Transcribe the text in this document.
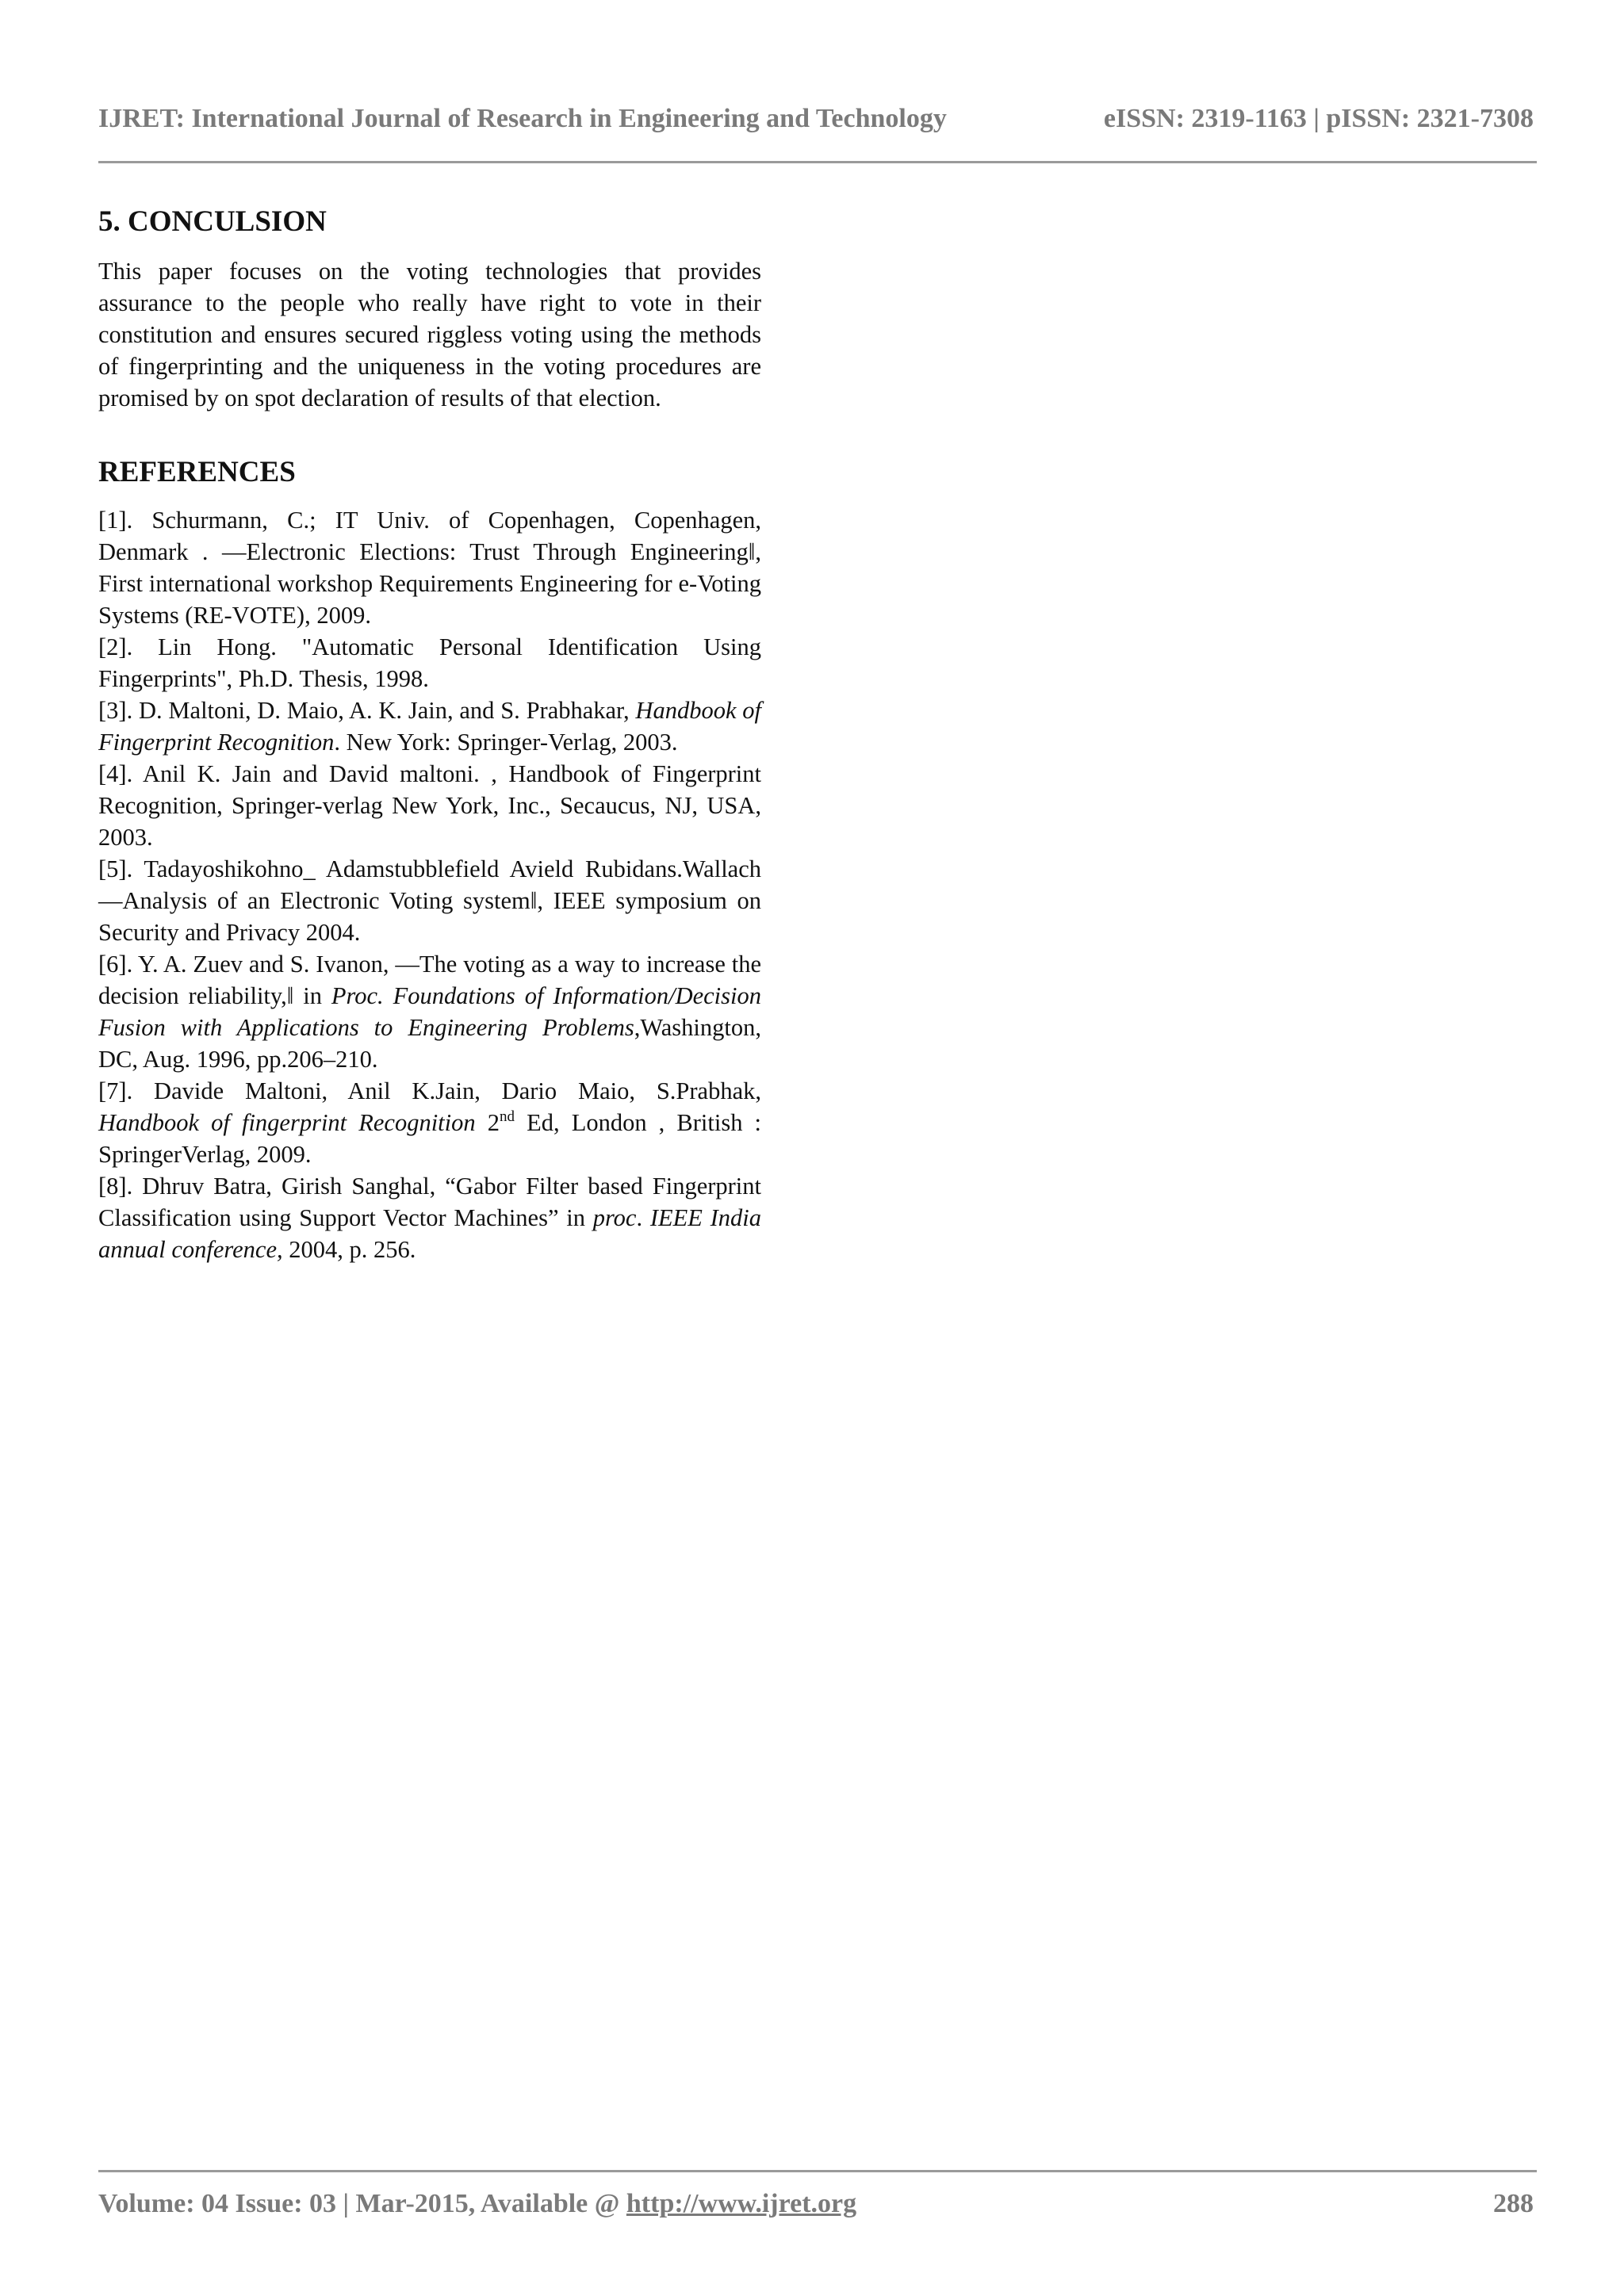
IJRET: International Journal of Research in Engineering and Technology	eISSN: 2319-1163 | pISSN: 2321-7308
5. CONCULSION

This paper focuses on the voting technologies that provides assurance to the people who really have right to vote in their constitution and ensures secured riggless voting using the methods of fingerprinting and the uniqueness in the voting procedures are promised by on spot declaration of results of that election.

REFERENCES
[1]. Schurmann, C.; IT Univ. of Copenhagen, Copenhagen, Denmark . ―Electronic Elections: Trust Through Engineering‖, First international workshop Requirements Engineering for e-Voting Systems (RE-VOTE), 2009.
[2]. Lin Hong. "Automatic Personal Identification Using Fingerprints", Ph.D. Thesis, 1998.
[3]. D. Maltoni, D. Maio, A. K. Jain, and S. Prabhakar, Handbook of Fingerprint Recognition. New York: Springer-Verlag, 2003.
[4]. Anil K. Jain and David maltoni. , Handbook of Fingerprint Recognition, Springer-verlag New York, Inc., Secaucus, NJ, USA, 2003.
[5]. Tadayoshikohno_ Adamstubblefield Avield Rubidans.Wallach ―Analysis of an Electronic Voting system‖, IEEE symposium on Security and Privacy 2004.
[6]. Y. A. Zuev and S. Ivanon, ―The voting as a way to increase the decision reliability,‖ in Proc. Foundations of Information/Decision Fusion with Applications to Engineering Problems,Washington, DC, Aug. 1996, pp.206–210.
[7]. Davide Maltoni, Anil K.Jain, Dario Maio, S.Prabhak, Handbook of fingerprint Recognition 2nd Ed, London , British : SpringerVerlag, 2009.
[8]. Dhruv Batra, Girish Sanghal, “Gabor Filter based Fingerprint Classification using Support Vector Machines” in proc. IEEE India annual conference, 2004, p. 256.
Volume: 04 Issue: 03 | Mar-2015, Available @ http://www.ijret.org	288
